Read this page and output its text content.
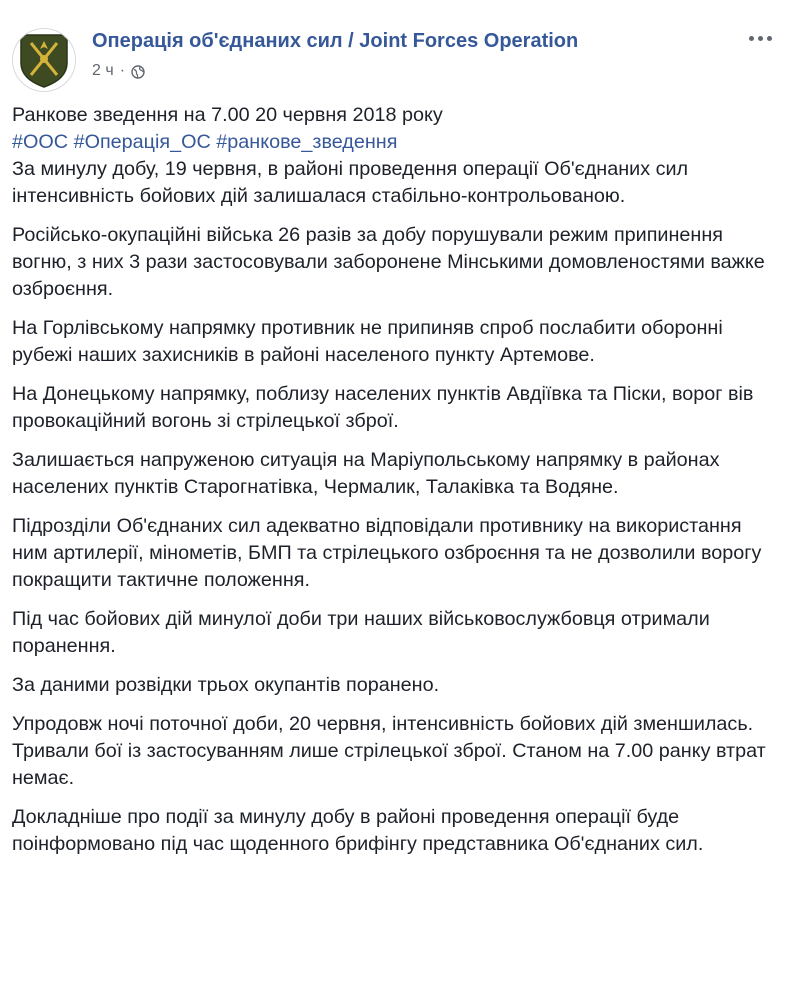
Операція об'єднаних сил / Joint Forces Operation
2 ч ·

Ранкове зведення на 7.00 20 червня 2018 року

#ООС #Операція_ОС #ранкове_зведення

За минулу добу, 19 червня, в районі проведення операції Об'єднаних сил інтенсивність бойових дій залишалася стабільно-контрольованою.

Російсько-окупаційні війська 26 разів за добу порушували режим припинення вогню, з них 3 рази застосовували заборонене Мінськими домовленостями важке озброєння.

На Горлівському напрямку противник не припиняв спроб послабити оборонні рубежі наших захисників в районі населеного пункту Артемове.

На Донецькому напрямку, поблизу населених пунктів Авдіївка та Піски, ворог вів провокаційний вогонь зі стрілецької зброї.

Залишається напруженою ситуація на Маріупольському напрямку в районах населених пунктів Старогнатівка, Чермалик, Талаківка та Водяне.

Підрозділи Об'єднаних сил адекватно відповідали противнику на використання ним артилерії, мінометів, БМП та стрілецького озброєння та не дозволили ворогу покращити тактичне положення.

Під час бойових дій минулої доби три наших військовослужбовця отримали поранення.

За даними розвідки трьох окупантів поранено.

Упродовж ночі поточної доби, 20 червня, інтенсивність бойових дій зменшилась. Тривали бої із застосуванням лише стрілецької зброї. Станом на 7.00 ранку втрат немає.

Докладніше про події за минулу добу в районі проведення операції буде поінформовано під час щоденного брифінгу представника Об'єднаних сил.
